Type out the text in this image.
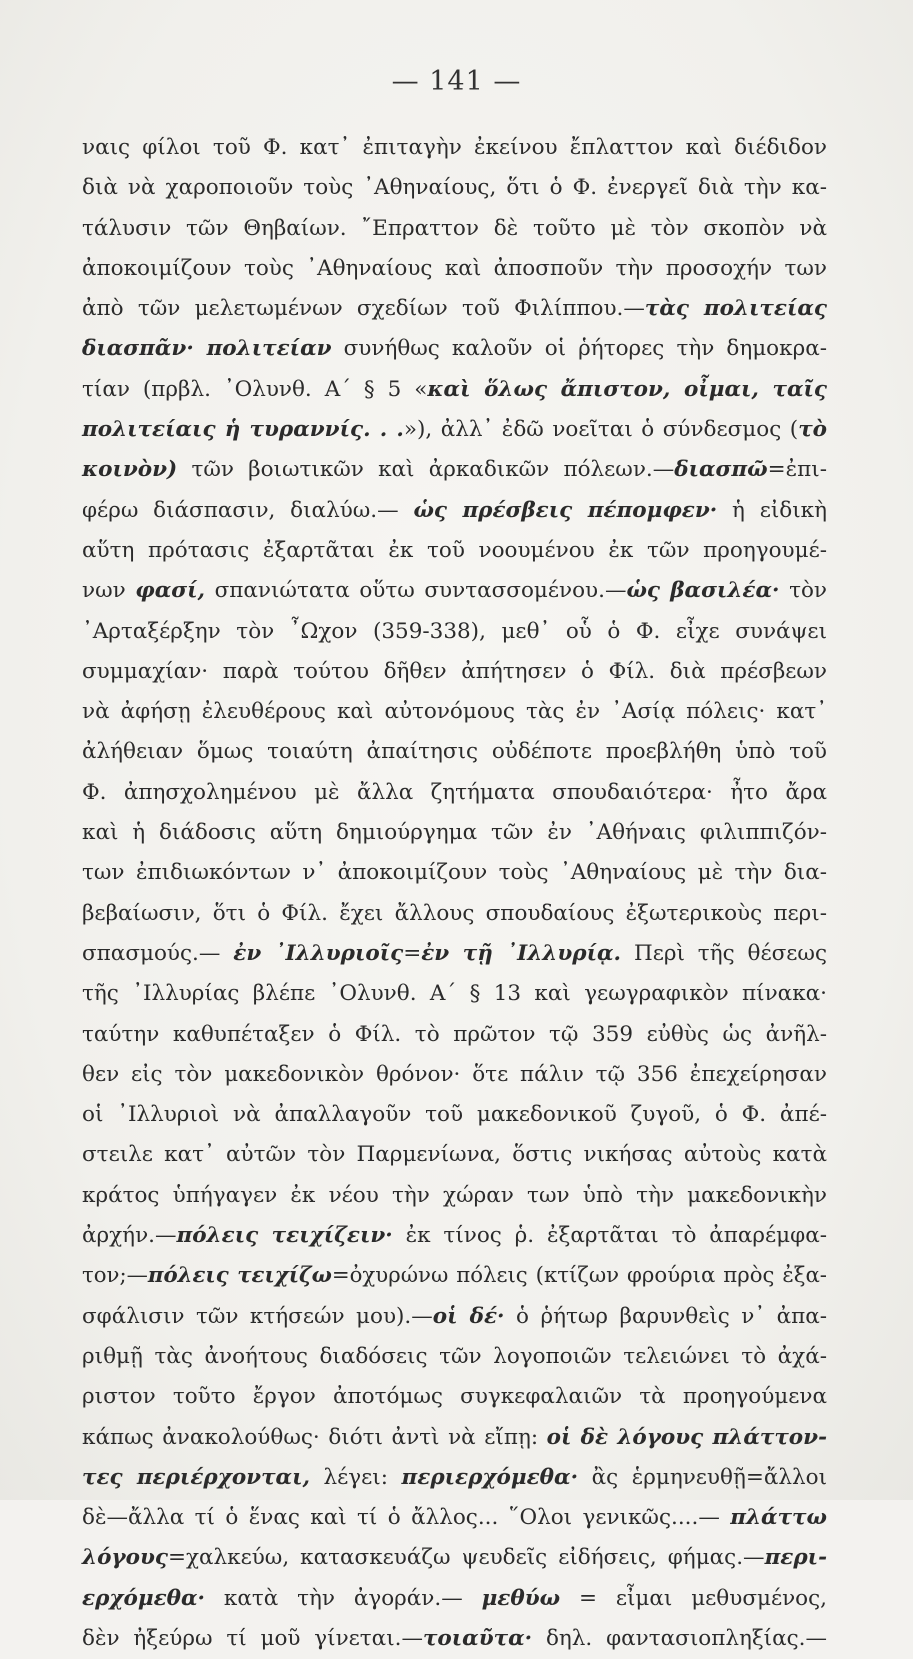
— 141 —
ναις φίλοι τοῦ Φ. κατ᾿ ἐπιταγὴν ἐκείνου ἔπλαττον καὶ διέδιδον
διὰ νὰ χαροποιοῦν τοὺς ᾿Αθηναίους, ὅτι ὁ Φ. ἐνεργεῖ διὰ τὴν κα-
τάλυσιν τῶν Θηβαίων. ῎Επραττον δὲ τοῦτο μὲ τὸν σκοπὸν νὰ
ἀποκοιμίζουν τοὺς ᾿Αθηναίους καὶ ἀποσποῦν τὴν προσοχήν των
ἀπὸ τῶν μελετωμένων σχεδίων τοῦ Φιλίππου.—τὰς πολιτείας
διασπᾶν· πολιτείαν συνήθως καλοῦν οἱ ῥήτορες τὴν δημοκρα-
τίαν (πρβλ. ᾿Ολυνθ. Α΄ § 5 «καὶ ὅλως ἄπιστον, οἶμαι, ταῖς
πολιτείαις ἡ τυραννίς. . .»), ἀλλ᾿ ἐδῶ νοεῖται ὁ σύνδεσμος (τὸ
κοινὸν) τῶν βοιωτικῶν καὶ ἀρκαδικῶν πόλεων.—διασπῶ=ἐπι-
φέρω διάσπασιν, διαλύω.— ὡς πρέσβεις πέπομφεν· ἡ εἰδικὴ
αὕτη πρότασις ἐξαρτᾶται ἐκ τοῦ νοουμένου ἐκ τῶν προηγουμέ-
νων φασί, σπανιώτατα οὕτω συντασσομένου.—ὡς βασιλέα· τὸν
᾿Αρταξέρξην τὸν ῏Ωχον (359-338), μεθ᾿ οὗ ὁ Φ. εἶχε συνάψει
συμμαχίαν· παρὰ τούτου δῆθεν ἀπήτησεν ὁ Φίλ. διὰ πρέσβεων
νὰ ἀφήσῃ ἐλευθέρους καὶ αὐτονόμους τὰς ἐν ᾿Ασίᾳ πόλεις· κατ᾿
ἀλήθειαν ὅμως τοιαύτη ἀπαίτησις οὐδέποτε προεβλήθη ὑπὸ τοῦ
Φ. ἀπησχολημένου μὲ ἄλλα ζητήματα σπουδαιότερα· ἦτο ἄρα
καὶ ἡ διάδοσις αὕτη δημιούργημα τῶν ἐν ᾿Αθήναις φιλιππιζόν-
των ἐπιδιωκόντων ν᾿ ἀποκοιμίζουν τοὺς ᾿Αθηναίους μὲ τὴν δια-
βεβαίωσιν, ὅτι ὁ Φίλ. ἔχει ἄλλους σπουδαίους ἐξωτερικοὺς περι-
σπασμούς.— ἐν ᾿Ιλλυριοῖς=ἐν τῇ ᾿Ιλλυρίᾳ. Περὶ τῆς θέσεως
τῆς ᾿Ιλλυρίας βλέπε ᾿Ολυνθ. Α΄ § 13 καὶ γεωγραφικὸν πίνακα·
ταύτην καθυπέταξεν ὁ Φίλ. τὸ πρῶτον τῷ 359 εὐθὺς ὡς ἀνῆλ-
θεν εἰς τὸν μακεδονικὸν θρόνον· ὅτε πάλιν τῷ 356 ἐπεχείρησαν
οἱ ᾿Ιλλυριοὶ νὰ ἀπαλλαγοῦν τοῦ μακεδονικοῦ ζυγοῦ, ὁ Φ. ἀπέ-
στειλε κατ᾿ αὐτῶν τὸν Παρμενίωνα, ὅστις νικήσας αὐτοὺς κατὰ
κράτος ὑπήγαγεν ἐκ νέου τὴν χώραν των ὑπὸ τὴν μακεδονικὴν
ἀρχήν.—πόλεις τειχίζειν· ἐκ τίνος ῥ. ἐξαρτᾶται τὸ ἀπαρέμφα-
τον;—πόλεις τειχίζω=ὀχυρώνω πόλεις (κτίζων φρούρια πρὸς ἐξα-
σφάλισιν τῶν κτήσεών μου).—οἱ δέ· ὁ ῥήτωρ βαρυνθεὶς ν᾿ ἀπα-
ριθμῇ τὰς ἀνοήτους διαδόσεις τῶν λογοποιῶν τελειώνει τὸ ἀχά-
ριστον τοῦτο ἔργον ἀποτόμως συγκεφαλαιῶν τὰ προηγούμενα
κάπως ἀνακολούθως· διότι ἀντὶ νὰ εἴπῃ: οἱ δὲ λόγους πλάττον-
τες περιέρχονται, λέγει: περιερχόμεθα· ἂς ἑρμηνευθῇ=ἄλλοι
δὲ—ἄλλα τί ὁ ἕνας καὶ τί ὁ ἄλλος... ῞Ολοι γενικῶς....— πλάττω
λόγους=χαλκεύω, κατασκευάζω ψευδεῖς εἰδήσεις, φήμας.—περι-
ερχόμεθα· κατὰ τὴν ἀγοράν.— μεθύω = εἶμαι μεθυσμένος,
δὲν ἠξεύρω τί μοῦ γίνεται.—τοιαῦτα· δηλ. φαντασιοπληξίας.—
